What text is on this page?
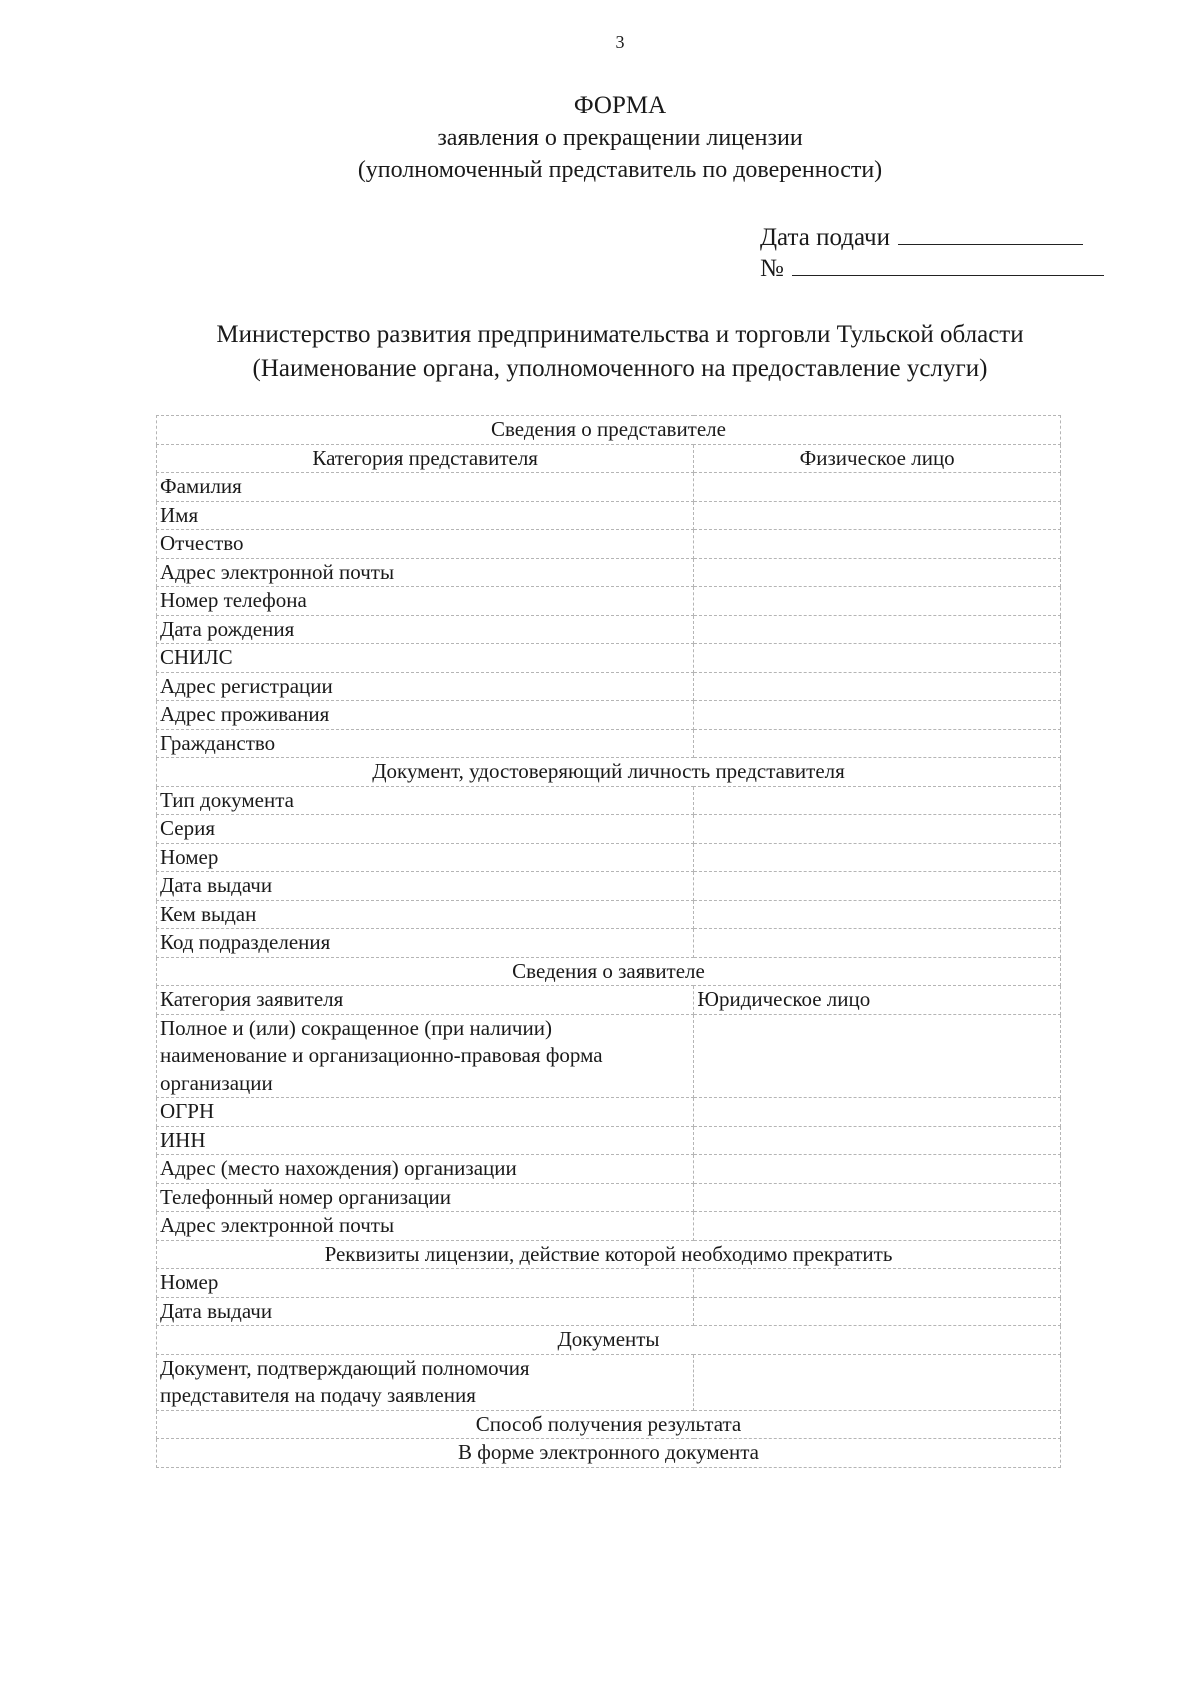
3
ФОРМА
заявления о прекращении лицензии
(уполномоченный представитель по доверенности)
Дата подачи
№
Министерство развития предпринимательства и торговли Тульской области
(Наименование органа, уполномоченного на предоставление услуги)
Сведения о представителе	
Категория представителя	Физическое лицо
Фамилия	
Имя	
Отчество	
Адрес электронной почты	
Номер телефона	
Дата рождения	
СНИЛС	
Адрес регистрации	
Адрес проживания	
Гражданство	
Документ, удостоверяющий личность представителя	
Тип документа	
Серия	
Номер	
Дата выдачи	
Кем выдан	
Код подразделения	
Сведения о заявителе	
Категория заявителя	Юридическое лицо

Полное и (или) сокращенное (при наличии)
наименование и организационно-правовая форма
организации	

ОГРН	
ИНН	
Адрес (место нахождения) организации	
Телефонный номер организации	
Адрес электронной почты	
Реквизиты лицензии, действие которой необходимо прекратить	
Номер	
Дата выдачи	
Документы	

Документ, подтверждающий полномочия
представителя на подачу заявления	

Способ получения результата	
В форме электронного документа	
